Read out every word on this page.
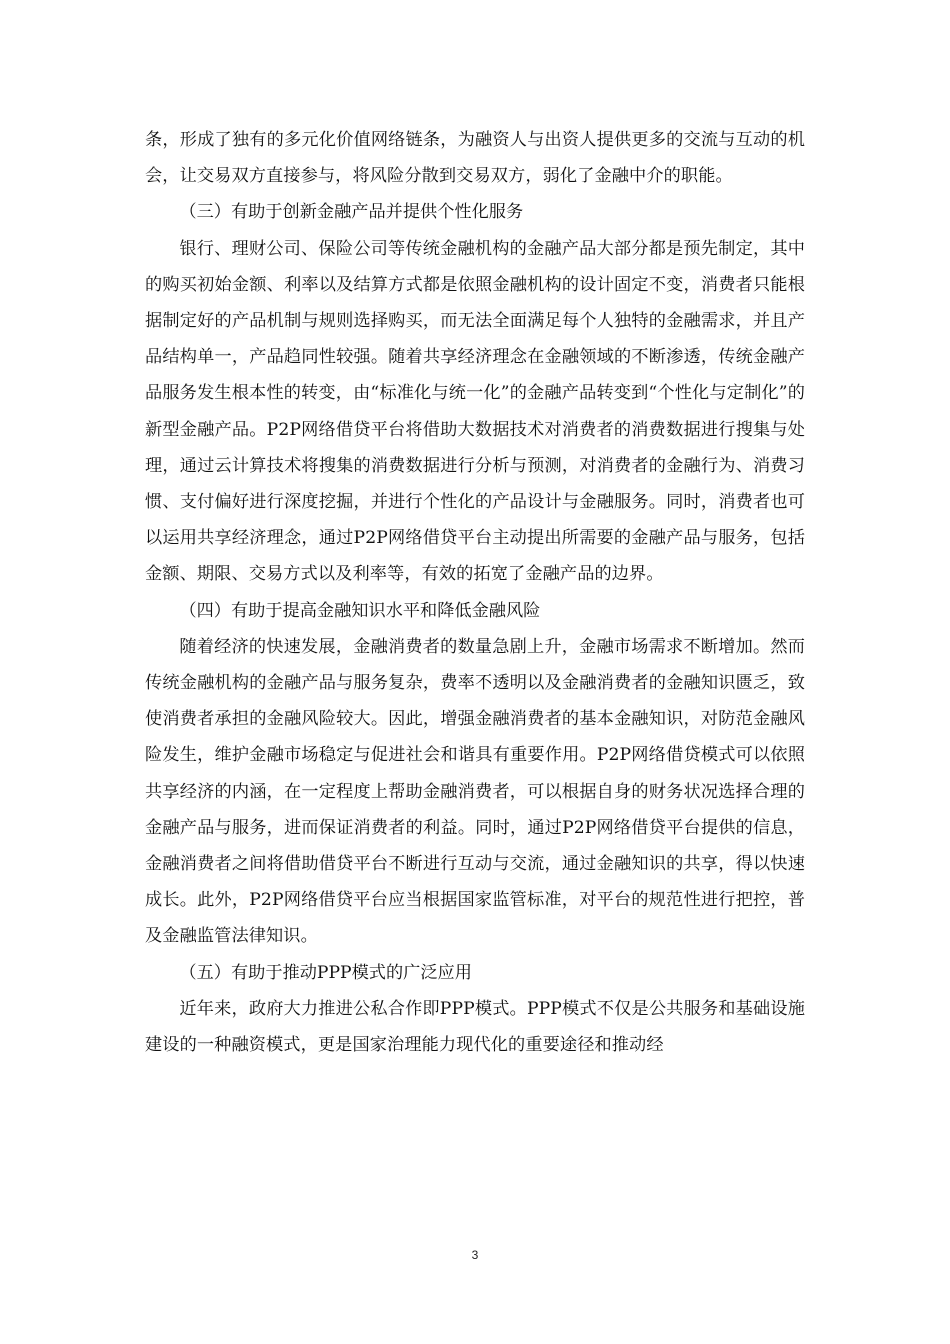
条，形成了独有的多元化价值网络链条，为融资人与出资人提供更多的交流与互动的机会，让交易双方直接参与，将风险分散到交易双方，弱化了金融中介的职能。

（三）有助于创新金融产品并提供个性化服务

银行、理财公司、保险公司等传统金融机构的金融产品大部分都是预先制定，其中的购买初始金额、利率以及结算方式都是依照金融机构的设计固定不变，消费者只能根据制定好的产品机制与规则选择购买，而无法全面满足每个人独特的金融需求，并且产品结构单一，产品趋同性较强。随着共享经济理念在金融领域的不断渗透，传统金融产品服务发生根本性的转变，由“标准化与统一化”的金融产品转变到“个性化与定制化”的新型金融产品。P2P网络借贷平台将借助大数据技术对消费者的消费数据进行搜集与处理，通过云计算技术将搜集的消费数据进行分析与预测，对消费者的金融行为、消费习惯、支付偏好进行深度挖掘，并进行个性化的产品设计与金融服务。同时，消费者也可以运用共享经济理念，通过P2P网络借贷平台主动提出所需要的金融产品与服务，包括金额、期限、交易方式以及利率等，有效的拓宽了金融产品的边界。

（四）有助于提高金融知识水平和降低金融风险

随着经济的快速发展，金融消费者的数量急剧上升，金融市场需求不断增加。然而传统金融机构的金融产品与服务复杂，费率不透明以及金融消费者的金融知识匮乏，致使消费者承担的金融风险较大。因此，增强金融消费者的基本金融知识，对防范金融风险发生，维护金融市场稳定与促进社会和谐具有重要作用。P2P网络借贷模式可以依照共享经济的内涵，在一定程度上帮助金融消费者，可以根据自身的财务状况选择合理的金融产品与服务，进而保证消费者的利益。同时，通过P2P网络借贷平台提供的信息，金融消费者之间将借助借贷平台不断进行互动与交流，通过金融知识的共享，得以快速成长。此外，P2P网络借贷平台应当根据国家监管标准，对平台的规范性进行把控，普及金融监管法律知识。

（五）有助于推动PPP模式的广泛应用

近年来，政府大力推进公私合作即PPP模式。PPP模式不仅是公共服务和基础设施建设的一种融资模式，更是国家治理能力现代化的重要途径和推动经

3
